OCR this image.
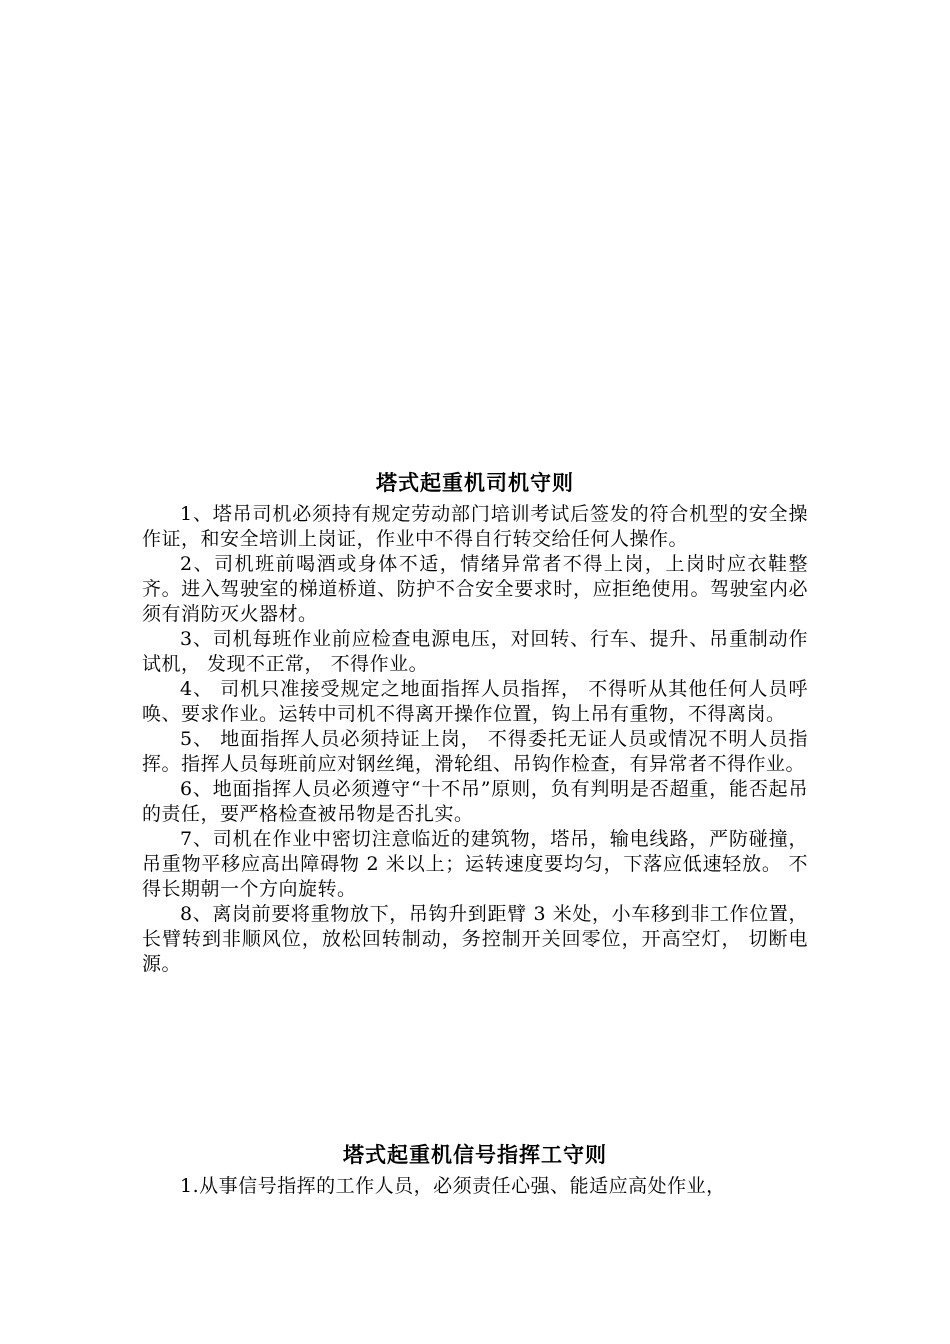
塔式起重机司机守则

1、塔吊司机必须持有规定劳动部门培训考试后签发的符合机型的安全操作证，和安全培训上岗证，作业中不得自行转交给任何人操作。

2、司机班前喝酒或身体不适，情绪异常者不得上岗，上岗时应衣鞋整齐。进入驾驶室的梯道桥道、防护不合安全要求时，应拒绝使用。驾驶室内必须有消防灭火器材。

3、司机每班作业前应检查电源电压，对回转、行车、提升、吊重制动作试机， 发现不正常， 不得作业。

4、 司机只准接受规定之地面指挥人员指挥， 不得听从其他任何人员呼唤、要求作业。运转中司机不得离开操作位置，钩上吊有重物，不得离岗。

5、 地面指挥人员必须持证上岗， 不得委托无证人员或情况不明人员指挥。指挥人员每班前应对钢丝绳，滑轮组、吊钩作检查，有异常者不得作业。

6、地面指挥人员必须遵守“十不吊”原则，负有判明是否超重，能否起吊的责任，要严格检查被吊物是否扎实。

7、司机在作业中密切注意临近的建筑物，塔吊，输电线路，严防碰撞，吊重物平移应高出障碍物 2 米以上；运转速度要均匀，下落应低速轻放。 不得长期朝一个方向旋转。

8、离岗前要将重物放下，吊钩升到距臂 3 米处，小车移到非工作位置，长臂转到非顺风位，放松回转制动，务控制开关回零位，开高空灯， 切断电源。

塔式起重机信号指挥工守则

1.从事信号指挥的工作人员，必须责任心强、能适应高处作业，
